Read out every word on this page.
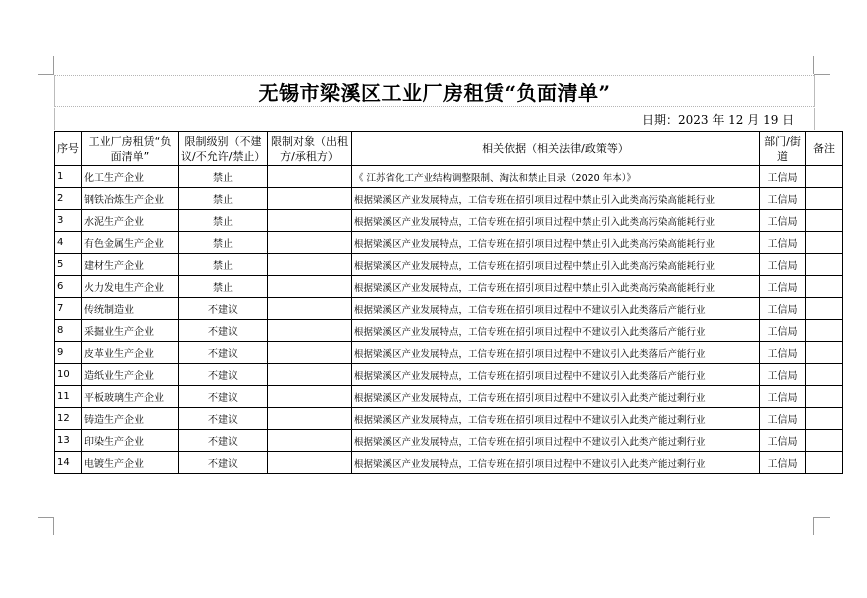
无锡市梁溪区工业厂房租赁“负面清单”
日期：2023 年 12 月 19 日
序号	工业厂房租赁“负面清单”	限制级别（不建议/不允许/禁止）	限制对象（出租方/承租方）	相关依据（相关法律/政策等）	部门/街道	备注
1	化工生产企业	禁止		《 江苏省化工产业结构调整限制、淘汰和禁止目录（2020 年本）》	工信局	
2	钢铁冶炼生产企业	禁止		根据梁溪区产业发展特点，工信专班在招引项目过程中禁止引入此类高污染高能耗行业	工信局	
3	水泥生产企业	禁止		根据梁溪区产业发展特点，工信专班在招引项目过程中禁止引入此类高污染高能耗行业	工信局	
4	有色金属生产企业	禁止		根据梁溪区产业发展特点，工信专班在招引项目过程中禁止引入此类高污染高能耗行业	工信局	
5	建材生产企业	禁止		根据梁溪区产业发展特点，工信专班在招引项目过程中禁止引入此类高污染高能耗行业	工信局	
6	火力发电生产企业	禁止		根据梁溪区产业发展特点，工信专班在招引项目过程中禁止引入此类高污染高能耗行业	工信局	
7	传统制造业	不建议		根据梁溪区产业发展特点，工信专班在招引项目过程中不建议引入此类落后产能行业	工信局	
8	采掘业生产企业	不建议		根据梁溪区产业发展特点，工信专班在招引项目过程中不建议引入此类落后产能行业	工信局	
9	皮革业生产企业	不建议		根据梁溪区产业发展特点，工信专班在招引项目过程中不建议引入此类落后产能行业	工信局	
10	造纸业生产企业	不建议		根据梁溪区产业发展特点，工信专班在招引项目过程中不建议引入此类落后产能行业	工信局	
11	平板玻璃生产企业	不建议		根据梁溪区产业发展特点，工信专班在招引项目过程中不建议引入此类产能过剩行业	工信局	
12	铸造生产企业	不建议		根据梁溪区产业发展特点，工信专班在招引项目过程中不建议引入此类产能过剩行业	工信局	
13	印染生产企业	不建议		根据梁溪区产业发展特点，工信专班在招引项目过程中不建议引入此类产能过剩行业	工信局	
14	电镀生产企业	不建议		根据梁溪区产业发展特点，工信专班在招引项目过程中不建议引入此类产能过剩行业	工信局	
